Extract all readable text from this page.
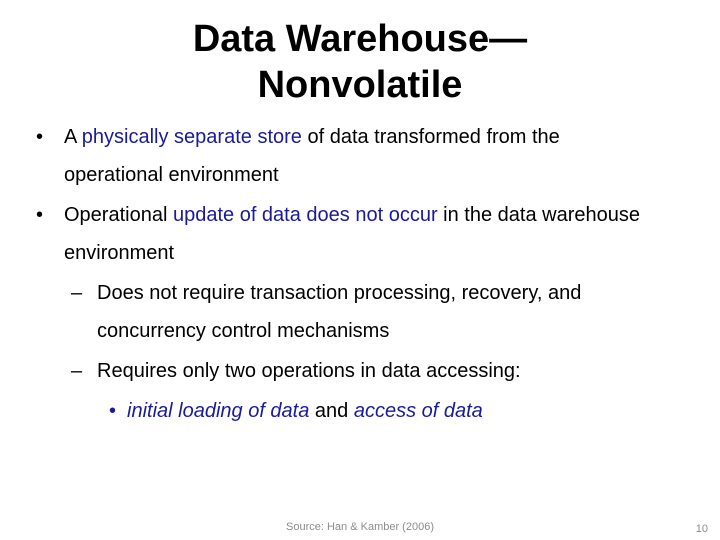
Data Warehouse—
Nonvolatile
• A physically separate store of data transformed from the operational environment
• Operational update of data does not occur in the data warehouse environment
– Does not require transaction processing, recovery, and concurrency control mechanisms
– Requires only two operations in data accessing:
• initial loading of data and access of data
Source: Han & Kamber (2006)	10
